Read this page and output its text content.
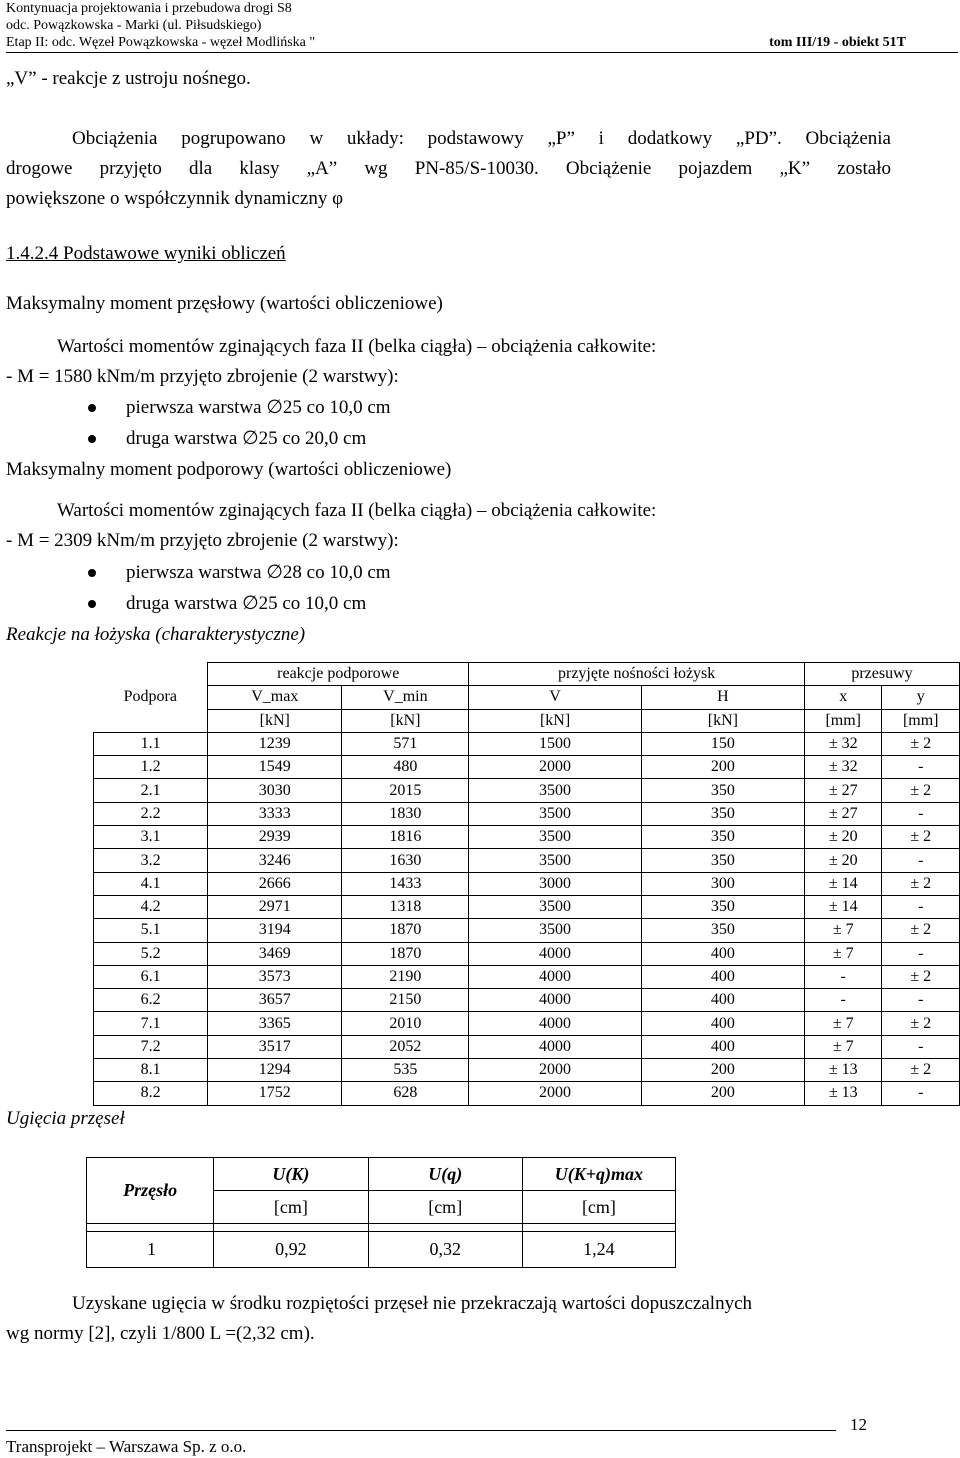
Kontynuacja projektowania i przebudowa drogi S8
odc. Powązkowska - Marki (ul. Piłsudskiego)
Etap II: odc. Węzeł Powązkowska - węzeł Modlińska "	tom III/19 - obiekt 51T
„V” - reakcje z ustroju nośnego.
Obciążenia pogrupowano w układy: podstawowy „P” i dodatkowy „PD”. Obciążenia
drogowe przyjęto dla klasy „A” wg PN-85/S-10030. Obciążenie pojazdem „K” zostało
powiększone o współczynnik dynamiczny φ
1.4.2.4 Podstawowe wyniki obliczeń
Maksymalny moment przęsłowy (wartości obliczeniowe)
Wartości momentów zginających faza II (belka ciągła) – obciążenia całkowite:
- M = 1580 kNm/m przyjęto zbrojenie (2 warstwy):
pierwsza warstwa ∅25 co 10,0 cm
druga warstwa ∅25 co 20,0 cm
Maksymalny moment podporowy (wartości obliczeniowe)
Wartości momentów zginających faza II (belka ciągła) – obciążenia całkowite:
- M = 2309 kNm/m przyjęto zbrojenie (2 warstwy):
pierwsza warstwa ∅28 co 10,0 cm
druga warstwa ∅25 co 10,0 cm
Reakcje na łożyska (charakterystyczne)
	reakcje podporowe		przyjęte nośności łożysk		przesuwy	
Podpora	V_max	V_min	V	H	x	y
	[kN]	[kN]	[kN]	[kN]	[mm]	[mm]
1.1	1239	571	1500	150	± 32	± 2
1.2	1549	480	2000	200	± 32	-
2.1	3030	2015	3500	350	± 27	± 2
2.2	3333	1830	3500	350	± 27	-
3.1	2939	1816	3500	350	± 20	± 2
3.2	3246	1630	3500	350	± 20	-
4.1	2666	1433	3000	300	± 14	± 2
4.2	2971	1318	3500	350	± 14	-
5.1	3194	1870	3500	350	± 7	± 2
5.2	3469	1870	4000	400	± 7	-
6.1	3573	2190	4000	400	-	± 2
6.2	3657	2150	4000	400	-	-
7.1	3365	2010	4000	400	± 7	± 2
7.2	3517	2052	4000	400	± 7	-
8.1	1294	535	2000	200	± 13	± 2
8.2	1752	628	2000	200	± 13	-
Ugięcia przęseł
Przęsło	U(K)	U(q)	U(K+q)max
	[cm]	[cm]	[cm]

1	0,92	0,32	1,24
Uzyskane ugięcia w środku rozpiętości przęseł nie przekraczają wartości dopuszczalnych
wg normy [2], czyli 1/800 L =(2,32 cm).
12
Transprojekt – Warszawa Sp. z o.o.
